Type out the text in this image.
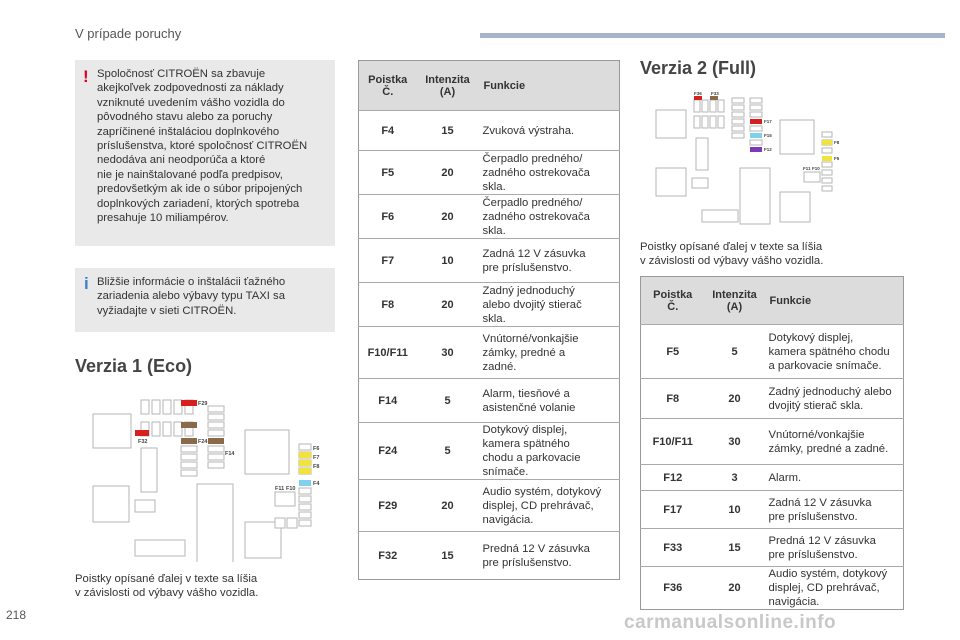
V prípade poruchy
! Spoločnosť CITROËN sa zbavuje
akejkoľvek zodpovednosti za náklady
vzniknuté uvedením vášho vozidla do
pôvodného stavu alebo za poruchy
zapríčinené inštaláciou doplnkového
príslušenstva, ktoré spoločnosť CITROËN
nedodáva ani neodporúča a ktoré
nie je nainštalované podľa predpisov,
predovšetkým ak ide o súbor pripojených
doplnkových zariadení, ktorých spotreba
presahuje 10 miliampérov.
i Bližšie informácie o inštalácii ťažného
zariadenia alebo výbavy typu TAXI sa
vyžiadajte v sieti CITROËN.
Verzia 1 (Eco)
F29
F32	F24
F14
F6
F7
F8
F11 F10
F4
Poistky opísané ďalej v texte sa líšia
v závislosti od výbavy vášho vozidla.
Poistka
Č.	Intenzita
(A)	Funkcie
F4	15	Zvuková výstraha.
F5	20	Čerpadlo predného/
zadného ostrekovača
skla.
F6	20	Čerpadlo predného/
zadného ostrekovača
skla.
F7	10	Zadná 12 V zásuvka
pre príslušenstvo.
F8	20	Zadný jednoduchý
alebo dvojitý stierač
skla.
F10/F11	30	Vnútorné/vonkajšie
zámky, predné a
zadné.
F14	5	Alarm, tiesňové a
asistenčné volanie
F24	5	Dotykový displej,
kamera spätného
chodu a parkovacie
snímače.
F29	20	Audio systém, dotykový
displej, CD prehrávač,
navigácia.
F32	15	Predná 12 V zásuvka
pre príslušenstvo.
Verzia 2 (Full)
F36 F33
F17
F15
F12
F11 F10
F8
F5
Poistky opísané ďalej v texte sa líšia
v závislosti od výbavy vášho vozidla.
Poistka
Č.	Intenzita
(A)	Funkcie
F5	5	Dotykový displej,
kamera spätného chodu
a parkovacie snímače.
F8	20	Zadný jednoduchý alebo
dvojitý stierač skla.
F10/F11	30	Vnútorné/vonkajšie
zámky, predné a zadné.
F12	3	Alarm.
F17	10	Zadná 12 V zásuvka
pre príslušenstvo.
F33	15	Predná 12 V zásuvka
pre príslušenstvo.
F36	20	Audio systém, dotykový
displej, CD prehrávač,
navigácia.
218	carmanualsonline.info
